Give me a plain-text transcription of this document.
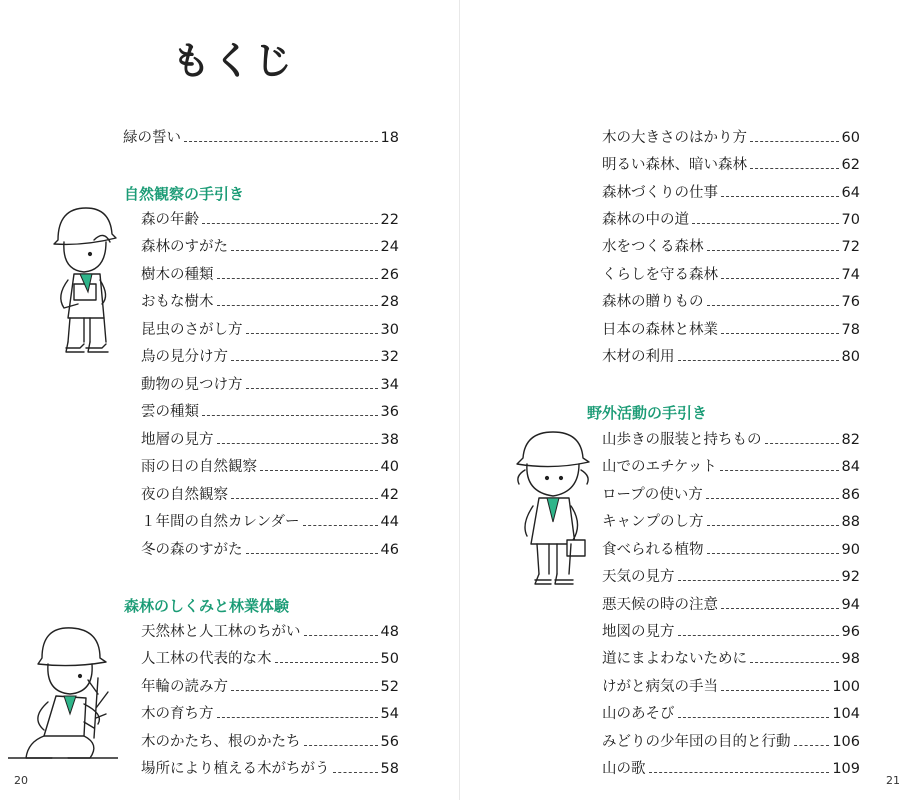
もくじ
緑の誓い	18
自然観察の手引き
森の年齢	22
森林のすがた	24
樹木の種類	26
おもな樹木	28
昆虫のさがし方	30
鳥の見分け方	32
動物の見つけ方	34
雲の種類	36
地層の見方	38
雨の日の自然観察	40
夜の自然観察	42
１年間の自然カレンダー	44
冬の森のすがた	46
森林のしくみと林業体験
天然林と人工林のちがい	48
人工林の代表的な木	50
年輪の読み方	52
木の育ち方	54
木のかたち、根のかたち	56
場所により植える木がちがう	58
20
木の大きさのはかり方	60
明るい森林、暗い森林	62
森林づくりの仕事	64
森林の中の道	70
水をつくる森林	72
くらしを守る森林	74
森林の贈りもの	76
日本の森林と林業	78
木材の利用	80
野外活動の手引き
山歩きの服装と持ちもの	82
山でのエチケット	84
ロープの使い方	86
キャンプのし方	88
食べられる植物	90
天気の見方	92
悪天候の時の注意	94
地図の見方	96
道にまよわないために	98
けがと病気の手当	100
山のあそび	104
みどりの少年団の目的と行動	106
山の歌	109
21
